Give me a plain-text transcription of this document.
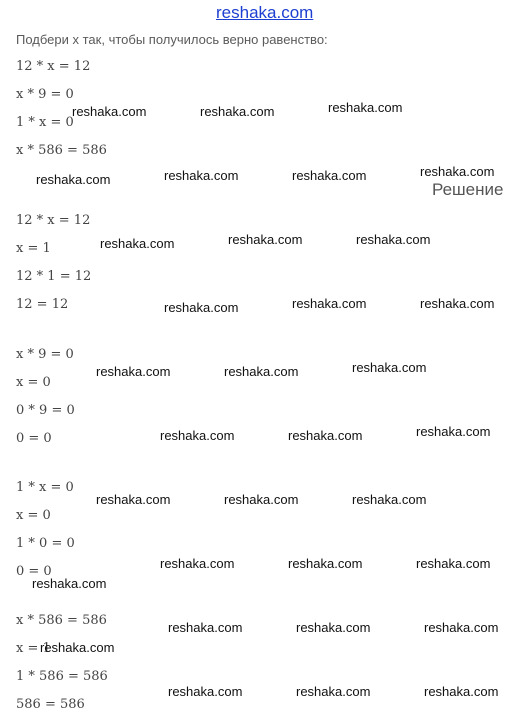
reshaka.com
Подбери x так, чтобы получилось верно равенство:
12 * x = 12
x * 9 = 0
1 * x = 0
x * 586 = 586
Решение
12 * x = 12
x = 1
12 * 1 = 12
12 = 12
x * 9 = 0
x = 0
0 * 9 = 0
0 = 0
1 * x = 0
x = 0
1 * 0 = 0
0 = 0
x * 586 = 586
x = 1
1 * 586 = 586
586 = 586
reshaka.com	reshaka.com	reshaka.com
reshaka.com	reshaka.com	reshaka.com	reshaka.com
reshaka.com	reshaka.com	reshaka.com
reshaka.com	reshaka.com	reshaka.com
reshaka.com	reshaka.com	reshaka.com
reshaka.com	reshaka.com	reshaka.com
reshaka.com	reshaka.com	reshaka.com
reshaka.com	reshaka.com	reshaka.com
reshaka.com
reshaka.com	reshaka.com	reshaka.com
reshaka.com
reshaka.com	reshaka.com	reshaka.com
